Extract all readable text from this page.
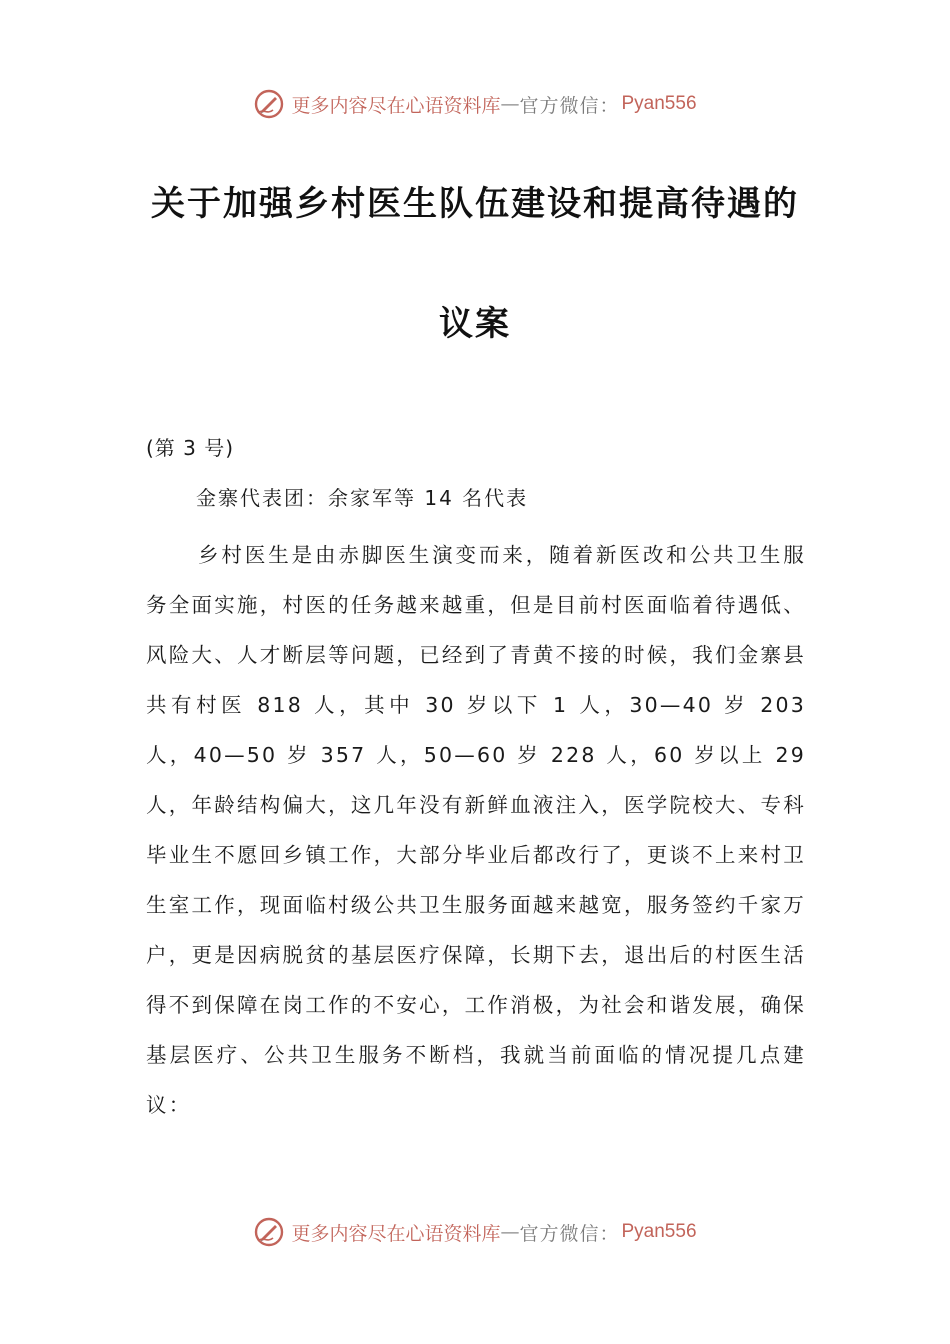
更多内容尽在心语资料库 — 官方微信： Pyan556
关于加强乡村医生队伍建设和提高待遇的
议案
(第 3 号)
金寨代表团：余家军等 14 名代表

乡村医生是由赤脚医生演变而来，随着新医改和公共卫生服务全面实施，村医的任务越来越重，但是目前村医面临着待遇低、风险大、人才断层等问题，已经到了青黄不接的时候，我们金寨县共有村医 818 人，其中 30 岁以下 1 人，30—40 岁 203 人，40—50 岁 357 人，50—60 岁 228 人，60 岁以上 29 人，年龄结构偏大，这几年没有新鲜血液注入，医学院校大、专科毕业生不愿回乡镇工作，大部分毕业后都改行了，更谈不上来村卫生室工作，现面临村级公共卫生服务面越来越宽，服务签约千家万户，更是因病脱贫的基层医疗保障，长期下去，退出后的村医生活得不到保障在岗工作的不安心，工作消极，为社会和谐发展，确保基层医疗、公共卫生服务不断档，我就当前面临的情况提几点建议：

更多内容尽在心语资料库 — 官方微信： Pyan556
